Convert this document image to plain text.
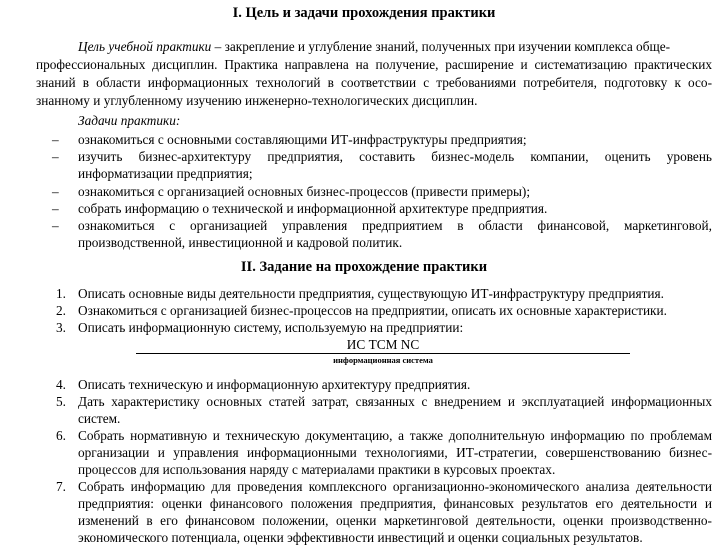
I. Цель и задачи прохождения практики
Цель учебной практики – закрепление и углубление знаний, полученных при изучении комплекса обще-
профессиональных дисциплин. Практика направлена на получение, расширение и систематизацию практических знаний в области информационных технологий в соответствии с требованиями потребителя, подготовку к осо-знанному и углубленному изучению инженерно-технологических дисциплин.
Задачи практики:
– ознакомиться с основными составляющими ИТ-инфраструктуры предприятия;
– изучить бизнес-архитектуру предприятия, составить бизнес-модель компании, оценить уровень информатизации предприятия;
– ознакомиться с организацией основных бизнес-процессов (привести примеры);
– собрать информацию о технической и информационной архитектуре предприятия.
– ознакомиться с организацией управления предприятием в области финансовой, маркетинговой, производственной, инвестиционной и кадровой политик.
II. Задание на прохождение практики
1. Описать основные виды деятельности предприятия, существующую ИТ-инфраструктуру предприятия.
2. Ознакомиться с организацией бизнес-процессов на предприятии, описать их основные характеристики.
3. Описать информационную систему, используемую на предприятии:
ИС ТСМ NC
информационная система
4. Описать техническую и информационную архитектуру предприятия.
5. Дать характеристику основных статей затрат, связанных с внедрением и эксплуатацией информационных систем.
6. Собрать нормативную и техническую документацию, а также дополнительную информацию по проблемам организации и управления информационными технологиями, ИТ-стратегии, совершенствованию бизнес-процессов для использования наряду с материалами практики в курсовых проектах.
7. Собрать информацию для проведения комплексного организационно-экономического анализа деятельности предприятия: оценки финансового положения предприятия, финансовых результатов его деятельности и изменений в его финансовом положении, оценки маркетинговой деятельности, оценки производственно-экономического потенциала, оценки эффективности инвестиций и оценки социальных результатов.
